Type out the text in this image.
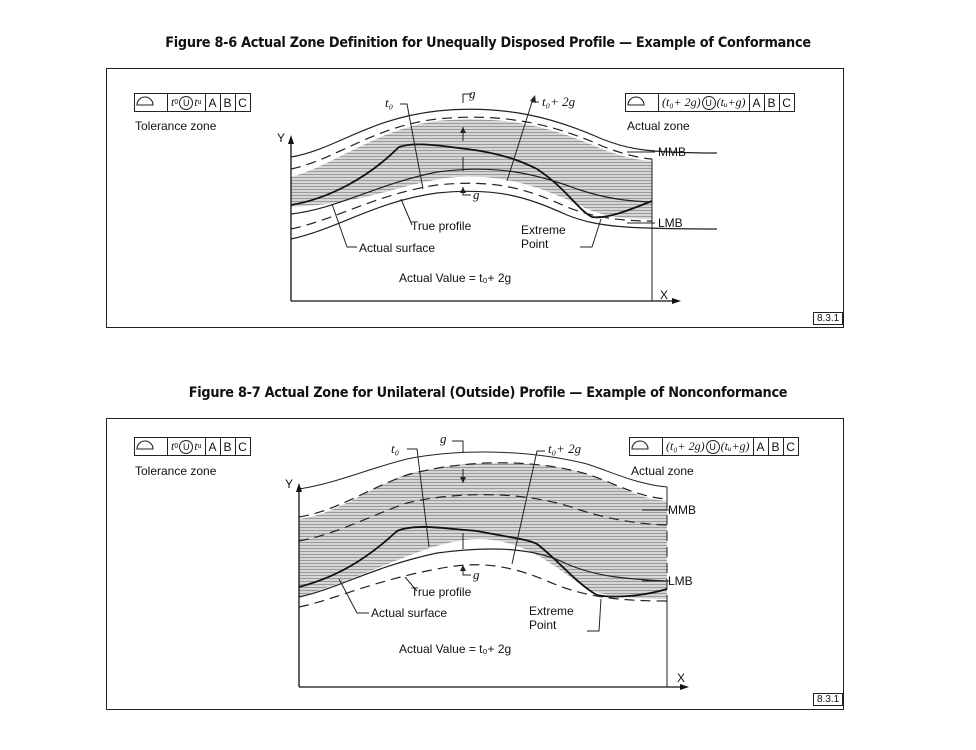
Figure 8-6 Actual Zone Definition for Unequally Disposed Profile — Example of Conformance
t 0 U t u A B C
Tolerance zone
(t₀+ 2g) U (tᵤ+g) A B C
Actual zone
Y
X
t₀
g
t₀+ 2g
g
MMB
LMB
True profile
Actual surface
Extreme
Point
Actual Value = t₀+ 2g
8.3.1
Figure 8-7 Actual Zone for Unilateral (Outside) Profile — Example of Nonconformance
t 0 U t u A B C
Tolerance zone
(t₀+ 2g) U (tᵤ+g) A B C
Actual zone
Y
X
t₀
g
t₀+ 2g
g
MMB
LMB
True profile
Actual surface	Extreme
Point
Actual Value = t₀+ 2g
8.3.1
